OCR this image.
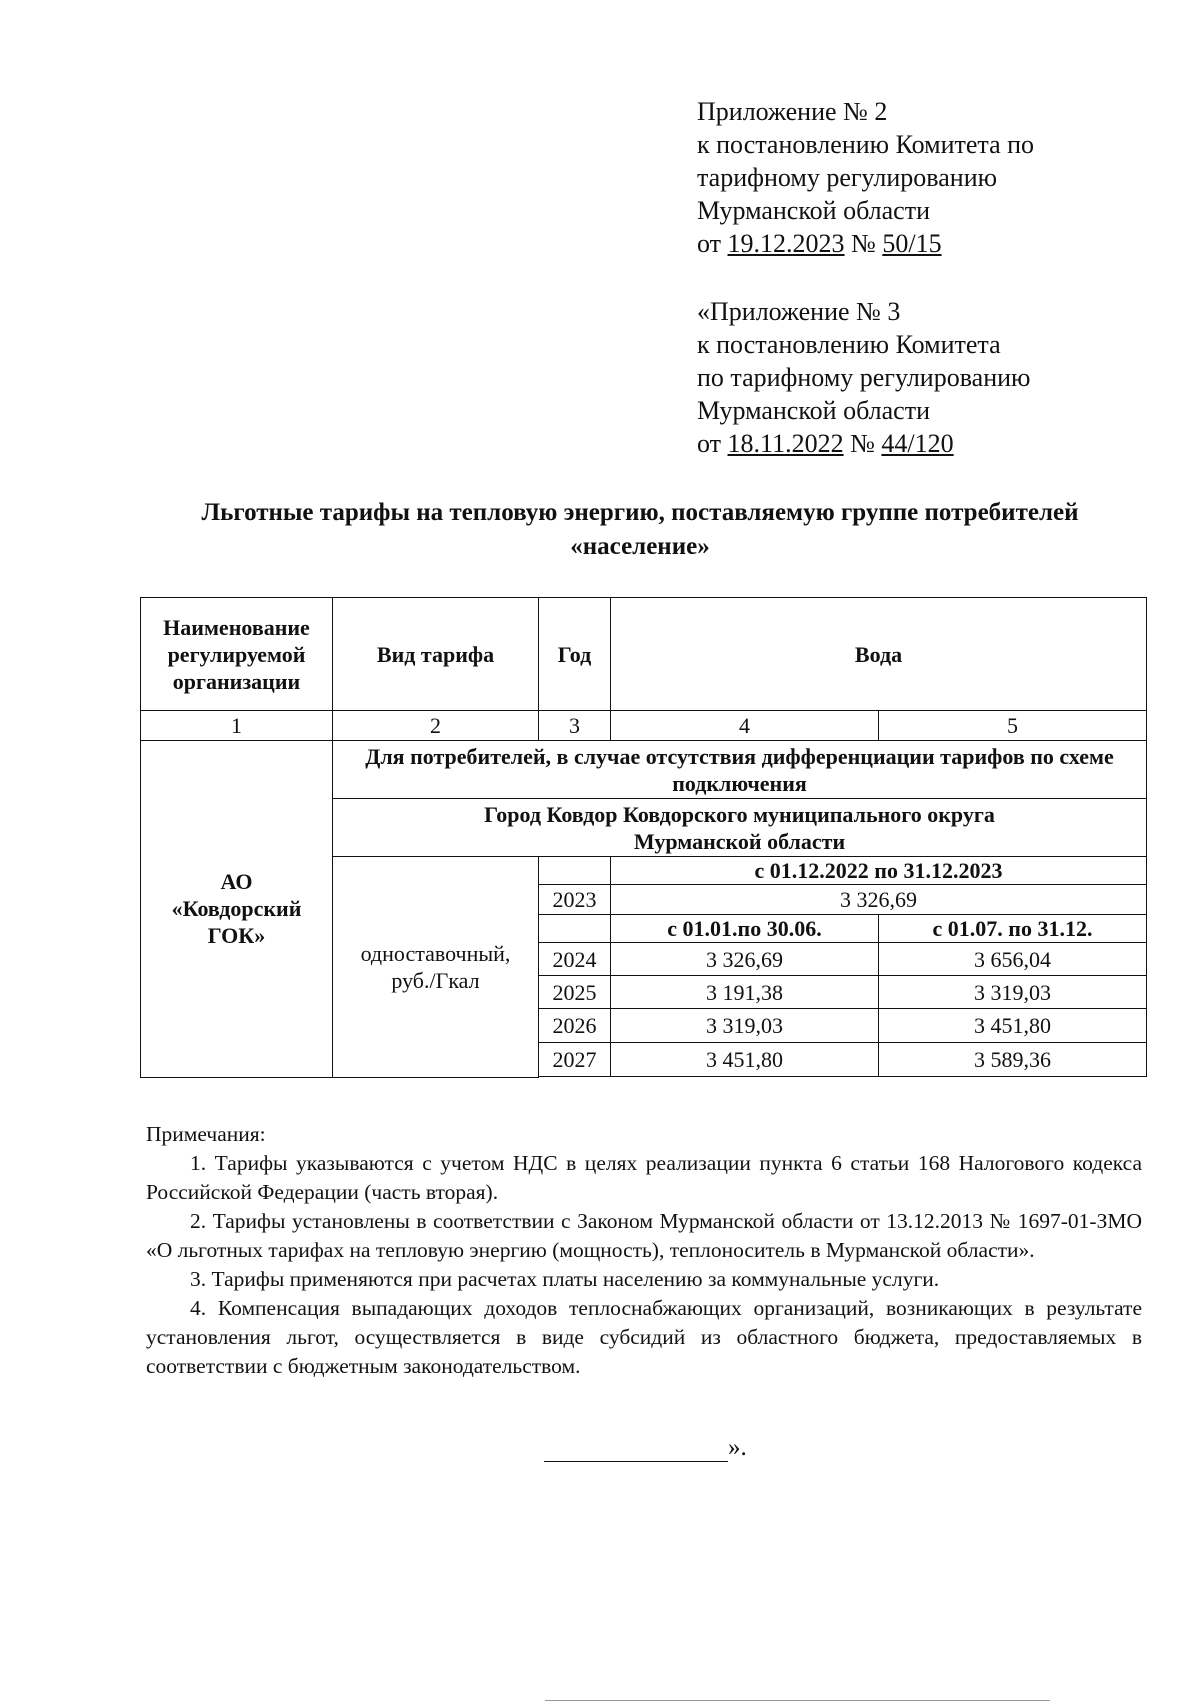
Приложение № 2
к постановлению Комитета по
тарифному регулированию
Мурманской области
от 19.12.2023 № 50/15
«Приложение № 3
к постановлению Комитета
по тарифному регулированию
Мурманской области
от 18.11.2022 № 44/120
Льготные тарифы на тепловую энергию, поставляемую группе потребителей «население»
Наименование регулируемой организации	Вид тарифа	Год	Вода	
1	2	3	4	5
АО «Ковдорский ГОК»	Для потребителей, в случае отсутствия дифференциации тарифов по схеме подключения			
	Город Ковдор Ковдорского муниципального округа Мурманской области			
	одноставочный, руб./Гкал		с 01.12.2022 по 31.12.2023	
		2023	3 326,69	
			с 01.01.по 30.06.	с 01.07. по 31.12.
		2024	3 326,69	3 656,04
		2025	3 191,38	3 319,03
		2026	3 319,03	3 451,80
		2027	3 451,80	3 589,36

Примечания:

1. Тарифы указываются с учетом НДС в целях реализации пункта 6 статьи 168 Налогового кодекса Российской Федерации (часть вторая).

2. Тарифы установлены в соответствии с Законом Мурманской области от 13.12.2013 № 1697-01-ЗМО «О льготных тарифах на тепловую энергию (мощность), теплоноситель в Мурманской области».

3. Тарифы применяются при расчетах платы населению за коммунальные услуги.

4. Компенсация выпадающих доходов теплоснабжающих организаций, возникающих в результате установления льгот, осуществляется в виде субсидий из областного бюджета, предоставляемых в соответствии с бюджетным законодательством.

».
